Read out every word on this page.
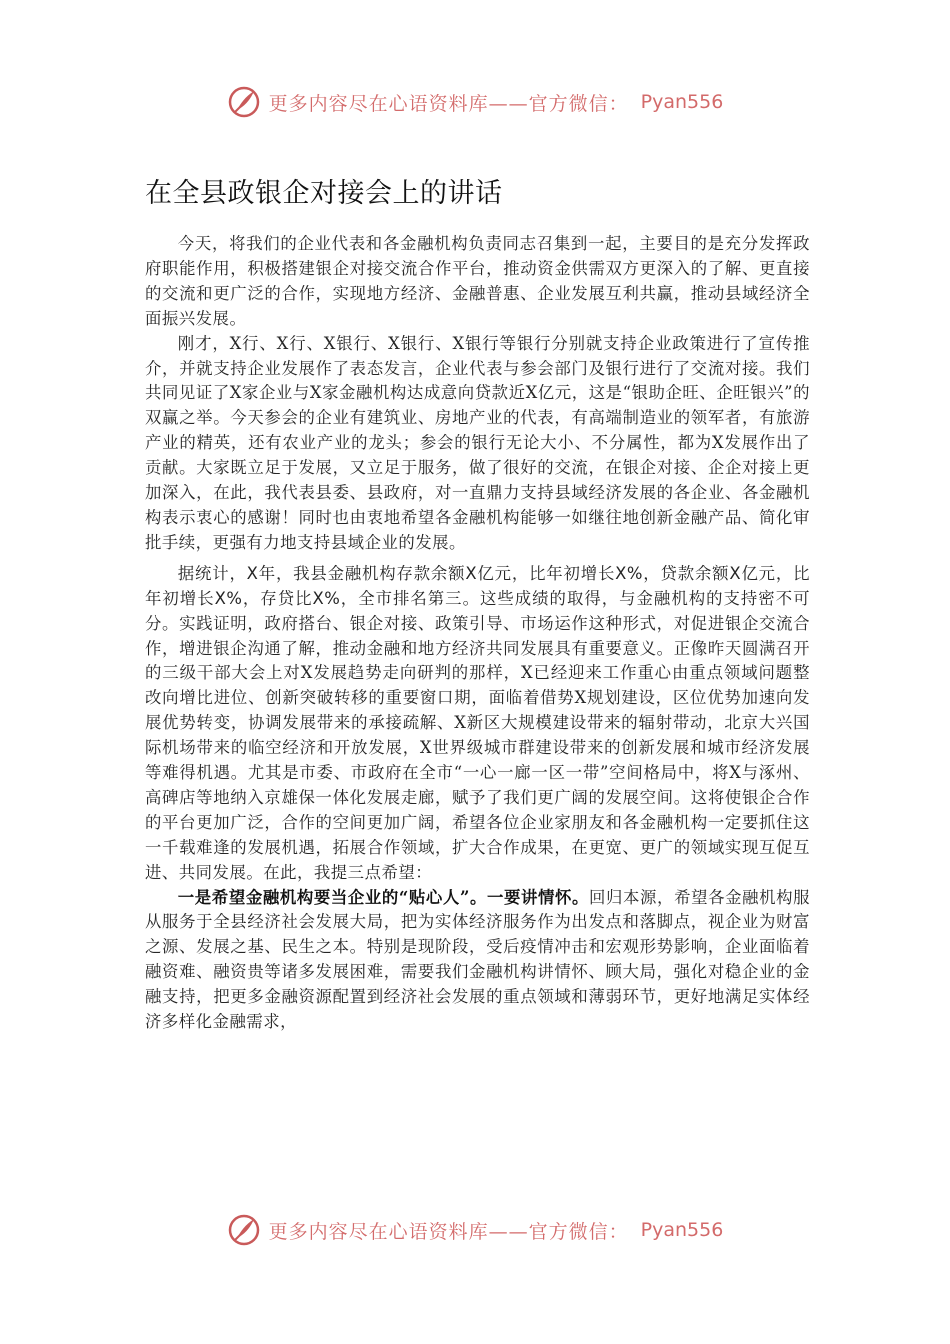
更多内容尽在心语资料库——官方微信： Pyan556
在全县政银企对接会上的讲话

今天，将我们的企业代表和各金融机构负责同志召集到一起，主要目的是充分发挥政府职能作用，积极搭建银企对接交流合作平台，推动资金供需双方更深入的了解、更直接的交流和更广泛的合作，实现地方经济、金融普惠、企业发展互利共赢，推动县域经济全面振兴发展。

刚才，X行、X行、X银行、X银行、X银行等银行分别就支持企业政策进行了宣传推介，并就支持企业发展作了表态发言，企业代表与参会部门及银行进行了交流对接。我们共同见证了X家企业与X家金融机构达成意向贷款近X亿元，这是“银助企旺、企旺银兴”的双赢之举。今天参会的企业有建筑业、房地产业的代表，有高端制造业的领军者，有旅游产业的精英，还有农业产业的龙头；参会的银行无论大小、不分属性，都为X发展作出了贡献。大家既立足于发展，又立足于服务，做了很好的交流，在银企对接、企企对接上更加深入，在此，我代表县委、县政府，对一直鼎力支持县域经济发展的各企业、各金融机构表示衷心的感谢！同时也由衷地希望各金融机构能够一如继往地创新金融产品、简化审批手续，更强有力地支持县域企业的发展。

据统计，X年，我县金融机构存款余额X亿元，比年初增长X%，贷款余额X亿元，比年初增长X%，存贷比X%，全市排名第三。这些成绩的取得，与金融机构的支持密不可分。实践证明，政府搭台、银企对接、政策引导、市场运作这种形式，对促进银企交流合作，增进银企沟通了解，推动金融和地方经济共同发展具有重要意义。正像昨天圆满召开的三级干部大会上对X发展趋势走向研判的那样，X已经迎来工作重心由重点领域问题整改向增比进位、创新突破转移的重要窗口期，面临着借势X规划建设，区位优势加速向发展优势转变，协调发展带来的承接疏解、X新区大规模建设带来的辐射带动，北京大兴国际机场带来的临空经济和开放发展，X世界级城市群建设带来的创新发展和城市经济发展等难得机遇。尤其是市委、市政府在全市“一心一廊一区一带”空间格局中，将X与涿州、高碑店等地纳入京雄保一体化发展走廊，赋予了我们更广阔的发展空间。这将使银企合作的平台更加广泛，合作的空间更加广阔，希望各位企业家朋友和各金融机构一定要抓住这一千载难逢的发展机遇，拓展合作领域，扩大合作成果，在更宽、更广的领域实现互促互进、共同发展。在此，我提三点希望：

一是希望金融机构要当企业的“贴心人”。一要讲情怀。回归本源，希望各金融机构服从服务于全县经济社会发展大局，把为实体经济服务作为出发点和落脚点，视企业为财富之源、发展之基、民生之本。特别是现阶段，受后疫情冲击和宏观形势影响，企业面临着融资难、融资贵等诸多发展困难，需要我们金融机构讲情怀、顾大局，强化对稳企业的金融支持，把更多金融资源配置到经济社会发展的重点领域和薄弱环节，更好地满足实体经济多样化金融需求，

更多内容尽在心语资料库——官方微信： Pyan556
